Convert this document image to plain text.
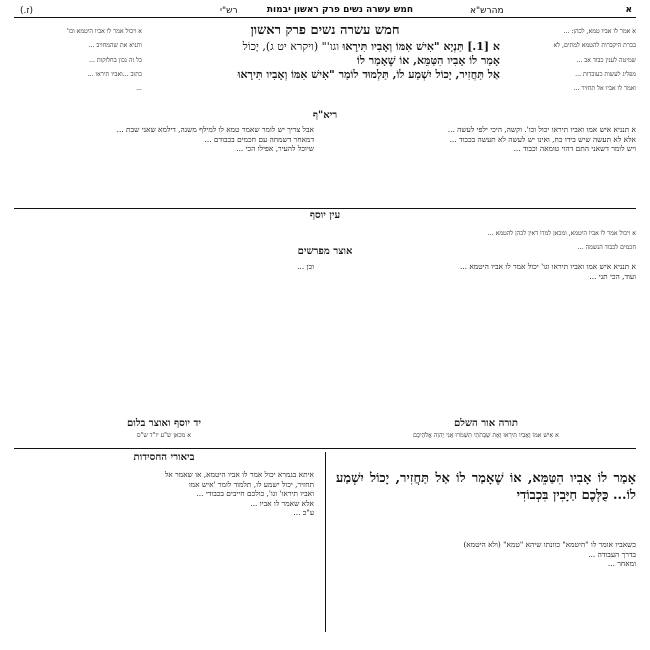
(ז.)	רש"י	חמש עשרה נשים פרק ראשון יבמות	מהרש"א	א

אֹ אמר לו אביו טמא, לכהן: ...

בכרת היקברות להטמא למתים, לא

שמיטה לענין כבוד אב ...

מפליג לעשות כעובדות ...

ואמר לו אביו אל תחזיר ...

א ויכול אמר לו אביו היטמא וכו'

ותניא את שהמחויב ...

כל זה נכון בחלוקות ...

כתוב ...ואביו תיראו ...

...

חמש עשרה נשים פרק ראשון
א [1.] תַּנְיָא "אִישׁ אִמּוֹ וְאָבִיו תִּירָאוּ וגו'" (ויקרא יט ג), יָכוֹל
אָמַר לוֹ אָבִיו הִטַּמֵּא, אוֹ שֶׁאָמַר לוֹ
אַל תַּחֲזִיר, יָכוֹל יִשְׁמַע לוֹ, תַּלְמוּד לוֹמַר "אִישׁ אִמּוֹ וְאָבִיו תִּירָאוּ
ריא"ף

א תנניא איש אמו ואביו תיראו יכול וכו'. וקשה, היכי ילפי לעשה ...

אלא לא תעשה שיש בידו כח, ואינו יש לעשה לא תעשה בכבוד ...

ויש לומר דשאני התם דהוי טומאה וכבוד ...

אבל צריך יש לומר שאמר טמא לו למילף משנה, דילמא שאני שבת ...

דמאחר דשמחה עם חכמים בכבודם ...

שיוכל להעיר, אפילו הכי ...

עין יוסף

א ויכול אמר לו אביו היטמא, ומכאן למדו דאין לכהן להטמא ...

חכמים לכבוד הנשמה ...

אוצר מפרשים

א תנניא איש אמו ואביו תיראו וגו' יכול אמר לו אביו היטמא ...

ועוד, הכי תני ...

וכן ...

תורה אור השלם
א אִישׁ אִמּוֹ וְאָבִיו תִּירָאוּ וְאֶת שַׁבְּתֹתַי תִּשְׁמֹרוּ אֲנִי יְהוָה אֱלֹהֵיכֶם
יד יוסף ואוצר בלום
א מכאן ש"ע יו"ד ש"ס
ביאורי החסידות
אָמַר לוֹ אָבִיו הִטַּמֵּא, אוֹ שֶׁאָמַר לוֹ אַל תַּחֲזִיר, יָכוֹל יִשְׁמַע לוֹ... כֻּלְּכֶם חַיָּבִין בִּכְבוֹדִי

כשאביו אומר לו "היטמא" כוונתו שיהא "טמא" (ולא היטמא)

בדרך העבודה ...

ומאחר ...

איתא בגמרא יכול אמר לו אביו היטמא, או שאמר אל

תחזיר, יכול ישמע לו, תלמוד לומר 'איש אמו

ואביו תיראו' וגו', כולכם חייבים בכבודי ...

אלא שאמר לו אביו ...

ע"כ ...
